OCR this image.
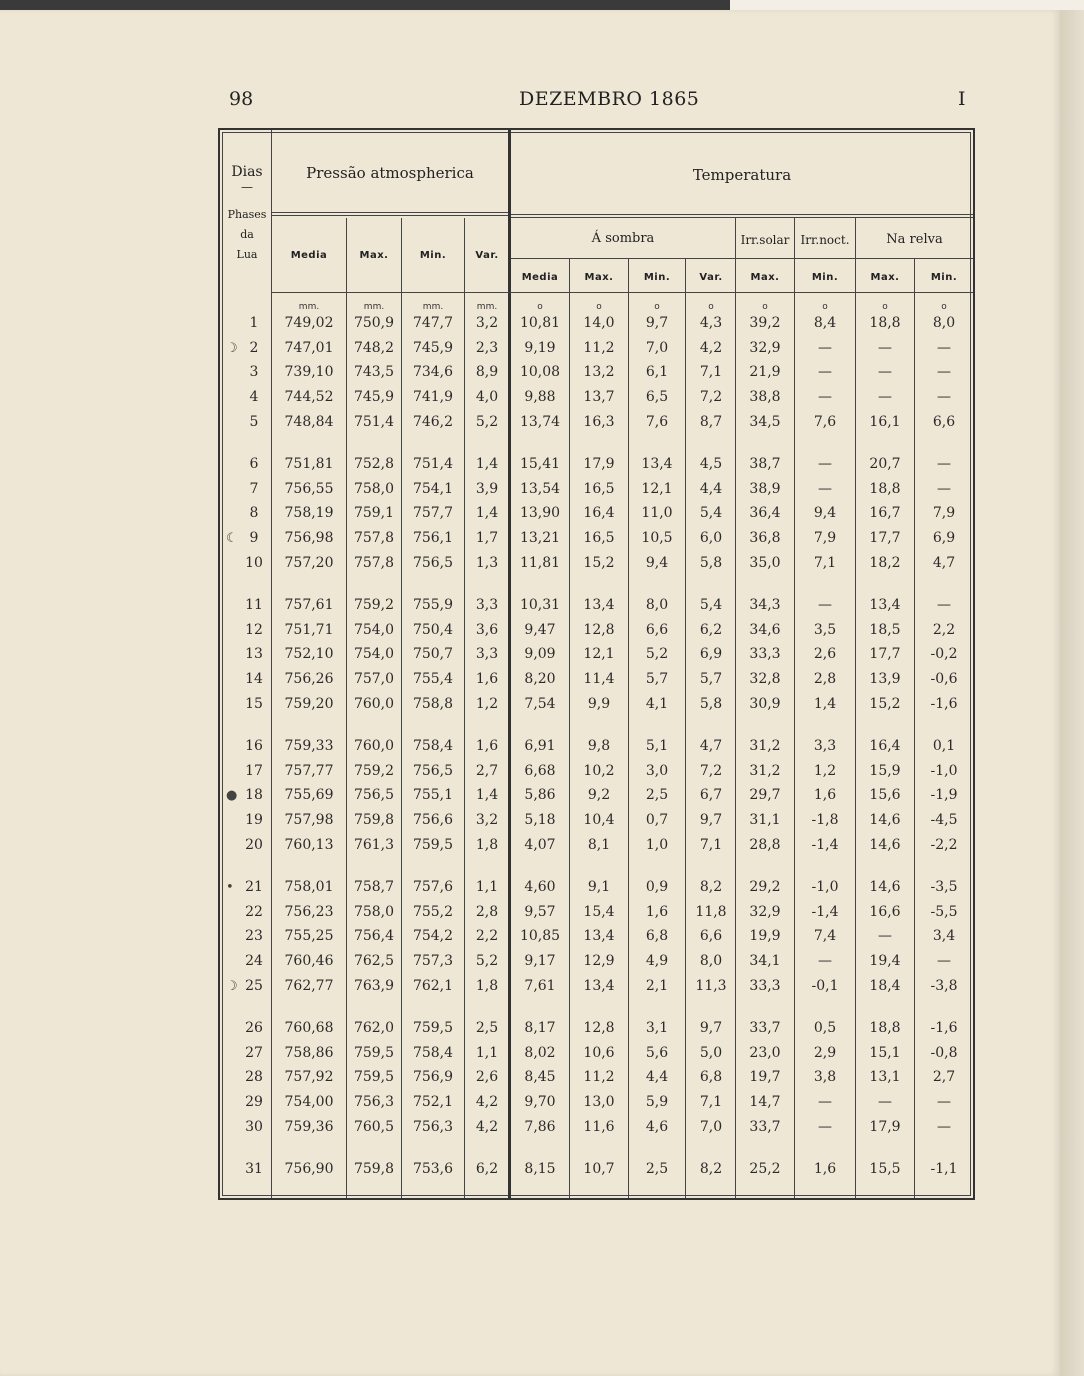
98	DEZEMBRO 1865	I
Dias
—
Phases
da
Lua
Pressão atmospherica	Temperatura
Á sombra	Irr.solar Irr.noct.	Na relva
Media	Max.	Min.	Var.
Media	Max.	Min.	Var.	Max.	Min.	Max.	Min.
mm.	mm.	mm.	mm.	o	o	o	o	o	o	o	o
1	749,02	750,9	747,7	3,2	10,81	14,0	9,7	4,3	39,2	8,4	18,8	8,0
2	747,01	748,2	745,9	2,3	9,19	11,2	7,0	4,2	32,9	—	—	—
☽
3	739,10	743,5	734,6	8,9	10,08	13,2	6,1	7,1	21,9	—	—	—
4	744,52	745,9	741,9	4,0	9,88	13,7	6,5	7,2	38,8	—	—	—
5	748,84	751,4	746,2	5,2	13,74	16,3	7,6	8,7	34,5	7,6	16,1	6,6
6	751,81	752,8	751,4	1,4	15,41	17,9	13,4	4,5	38,7	—	20,7	—
7	756,55	758,0	754,1	3,9	13,54	16,5	12,1	4,4	38,9	—	18,8	—
8	758,19	759,1	757,7	1,4	13,90	16,4	11,0	5,4	36,4	9,4	16,7	7,9
9	756,98	757,8	756,1	1,7	13,21	16,5	10,5	6,0	36,8	7,9	17,7	6,9
☾
10	757,20	757,8	756,5	1,3	11,81	15,2	9,4	5,8	35,0	7,1	18,2	4,7
11	757,61	759,2	755,9	3,3	10,31	13,4	8,0	5,4	34,3	—	13,4	—
12	751,71	754,0	750,4	3,6	9,47	12,8	6,6	6,2	34,6	3,5	18,5	2,2
13	752,10	754,0	750,7	3,3	9,09	12,1	5,2	6,9	33,3	2,6	17,7	-0,2
14	756,26	757,0	755,4	1,6	8,20	11,4	5,7	5,7	32,8	2,8	13,9	-0,6
15	759,20	760,0	758,8	1,2	7,54	9,9	4,1	5,8	30,9	1,4	15,2	-1,6
16	759,33	760,0	758,4	1,6	6,91	9,8	5,1	4,7	31,2	3,3	16,4	0,1
17	757,77	759,2	756,5	2,7	6,68	10,2	3,0	7,2	31,2	1,2	15,9	-1,0
18	755,69	756,5	755,1	1,4	5,86	9,2	2,5	6,7	29,7	1,6	15,6	-1,9
●
19	757,98	759,8	756,6	3,2	5,18	10,4	0,7	9,7	31,1	-1,8	14,6	-4,5
20	760,13	761,3	759,5	1,8	4,07	8,1	1,0	7,1	28,8	-1,4	14,6	-2,2
21	758,01	758,7	757,6	1,1	4,60	9,1	0,9	8,2	29,2	-1,0	14,6	-3,5
•
22	756,23	758,0	755,2	2,8	9,57	15,4	1,6	11,8	32,9	-1,4	16,6	-5,5
23	755,25	756,4	754,2	2,2	10,85	13,4	6,8	6,6	19,9	7,4	—	3,4
24	760,46	762,5	757,3	5,2	9,17	12,9	4,9	8,0	34,1	—	19,4	—
25	762,77	763,9	762,1	1,8	7,61	13,4	2,1	11,3	33,3	-0,1	18,4	-3,8
☽
26	760,68	762,0	759,5	2,5	8,17	12,8	3,1	9,7	33,7	0,5	18,8	-1,6
27	758,86	759,5	758,4	1,1	8,02	10,6	5,6	5,0	23,0	2,9	15,1	-0,8
28	757,92	759,5	756,9	2,6	8,45	11,2	4,4	6,8	19,7	3,8	13,1	2,7
29	754,00	756,3	752,1	4,2	9,70	13,0	5,9	7,1	14,7	—	—	—
30	759,36	760,5	756,3	4,2	7,86	11,6	4,6	7,0	33,7	—	17,9	—
31	756,90	759,8	753,6	6,2	8,15	10,7	2,5	8,2	25,2	1,6	15,5	-1,1
